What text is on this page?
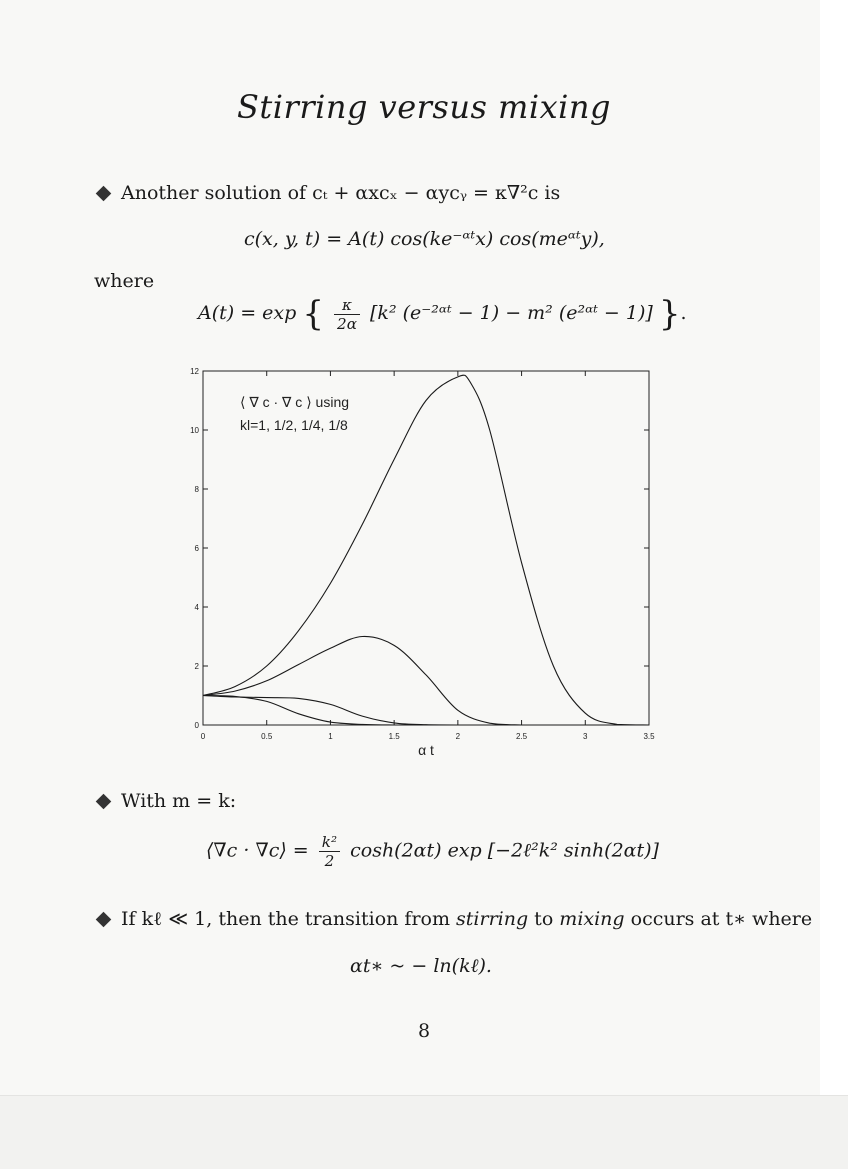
Stirring versus mixing
Another solution of cₜ + αxcₓ − αycᵧ = κ∇²c is
c(x, y, t) = A(t) cos(ke⁻ᵅᵗx) cos(meᵅᵗy),
where
A(t) = exp { $\frac{\kappa}{2\alpha} [k^2$ (e⁻²ᵅᵗ − 1) − m² (e²ᵅᵗ − 1)] }.
0	0.5	1	1.5	2	2.5	3	3.5
0
2
4
6
8
10
12
α t
⟨ ∇ c · ∇ c ⟩ using
kl=1, 1/2, 1/4, 1/8
With m = k:
⟨∇c · ∇c⟩ = $\frac{\text{k²}}{2} \cosh(2\alpha t)$ exp [−2ℓ²k² sinh(2αt)]
If kℓ ≪ 1, then the transition from stirring to mixing occurs at t∗ where
αt∗ ~ − ln(kℓ).
8
